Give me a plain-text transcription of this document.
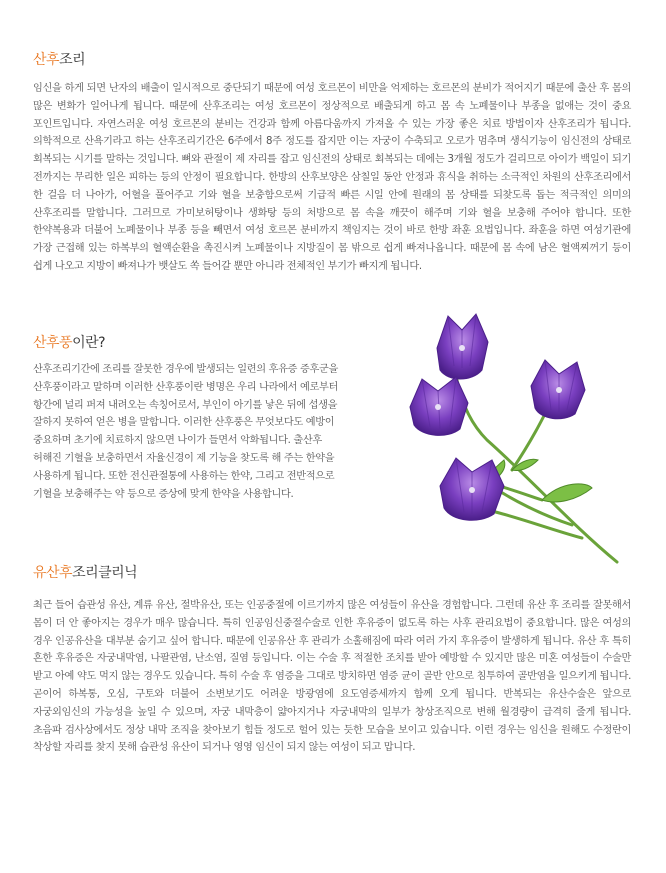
산후조리

임신을 하게 되면 난자의 배출이 일시적으로 중단되기 때문에 여성 호르몬이 비만을 억제하는 호르몬의 분비가 적어지기 때문에 출산 후 몸의 많은 변화가 일어나게 됩니다. 때문에 산후조리는 여성 호르몬이 정상적으로 배출되게 하고 몸 속 노폐물이나 부종을 없애는 것이 중요 포인트입니다. 자연스러운 여성 호르몬의 분비는 건강과 함께 아름다움까지 가져올 수 있는 가장 좋은 치료 방법이자 산후조리가 됩니다. 의학적으로 산욕기라고 하는 산후조리기간은 6주에서 8주 정도를 잡지만 이는 자궁이 수축되고 오로가 멈추며 생식기능이 임신전의 상태로 회복되는 시기를 말하는 것입니다. 뼈와 관절이 제 자리를 잡고 임신전의 상태로 회복되는 데에는 3개월 정도가 걸리므로 아이가 백일이 되기 전까지는 무리한 일은 피하는 등의 안정이 필요합니다. 한방의 산후보양은 삼칠일 동안 안정과 휴식을 취하는 소극적인 차원의 산후조리에서 한 걸음 더 나아가, 어혈을 풀어주고 기와 혈을 보충함으로써 기급적 빠른 시일 안에 원래의 몸 상태를 되찾도록 돕는 적극적인 의미의 산후조리를 말합니다. 그러므로 가미보허탕이나 생화탕 등의 처방으로 몸 속을 깨끗이 해주며 기와 혈을 보충해 주어야 합니다. 또한 한약복용과 더불어 노폐물이나 부종 등을 빼면서 여성 호르몬 분비까지 책임지는 것이 바로 한방 좌훈 요법입니다. 좌훈을 하면 여성기관에 가장 근접해 있는 하복부의 혈액순환을 촉진시켜 노폐물이나 지방질이 몸 밖으로 쉽게 빠져나옵니다. 때문에 몸 속에 남은 혈액찌꺼기 등이 쉽게 나오고 지방이 빠져나가 뱃살도 쏙 들어갈 뿐만 아니라 전체적인 부기가 빠지게 됩니다.

산후풍이란?

산후조리기간에 조리를 잘못한 경우에 발생되는 일련의 후유증 증후군을 산후풍이라고 말하며 이러한 산후풍이란 병명은 우리 나라에서 예로부터 항간에 널리 퍼져 내려오는 속칭어로서, 부인이 아기를 낳은 뒤에 섭생을 잘하지 못하여 얻은 병을 말합니다. 이러한 산후풍은 무엇보다도 예방이 중요하며 초기에 치료하지 않으면 나이가 들면서 악화됩니다. 출산후 허해진 기혈을 보충하면서 자율신경이 제 기능을 찾도록 해 주는 한약을 사용하게 됩니다. 또한 전신관절통에 사용하는 한약, 그리고 전반적으로 기혈을 보충해주는 약 등으로 증상에 맞게 한약을 사용합니다.

유산후조리클리닉

최근 들어 습관성 유산, 계류 유산, 절박유산, 또는 인공중절에 이르기까지 많은 여성들이 유산을 경험합니다. 그런데 유산 후 조리를 잘못해서 몸이 더 안 좋아지는 경우가 매우 많습니다. 특히 인공임신중절수술로 인한 후유증이 없도록 하는 사후 관리요법이 중요합니다. 많은 여성의 경우 인공유산을 대부분 숨기고 싶어 합니다. 때문에 인공유산 후 관리가 소홀해짐에 따라 여러 가지 후유증이 발생하게 됩니다. 유산 후 특히 흔한 후유증은 자궁내막염, 나팔관염, 난소염, 질염 등입니다. 이는 수술 후 적절한 조치를 받아 예방할 수 있지만 많은 미혼 여성들이 수술만 받고 아예 약도 먹지 않는 경우도 있습니다. 특히 수술 후 염증을 그대로 방치하면 염증 균이 골반 안으로 침투하여 골반염을 일으키게 됩니다. 곧이어 하복통, 오심, 구토와 더불어 소변보기도 어려운 방광염에 요도염증세까지 함께 오게 됩니다. 반복되는 유산수술은 앞으로 자궁외임신의 가능성을 높일 수 있으며, 자궁 내막층이 얇아지거나 자궁내막의 일부가 창상조직으로 변해 월경량이 급격히 줄게 됩니다. 초음파 검사상에서도 정상 내막 조직을 찾아보기 힘들 정도로 헐어 있는 듯한 모습을 보이고 있습니다. 이런 경우는 임신을 원해도 수정란이 착상할 자리를 찾지 못해 습관성 유산이 되거나 영영 임신이 되지 않는 여성이 되고 맙니다.
